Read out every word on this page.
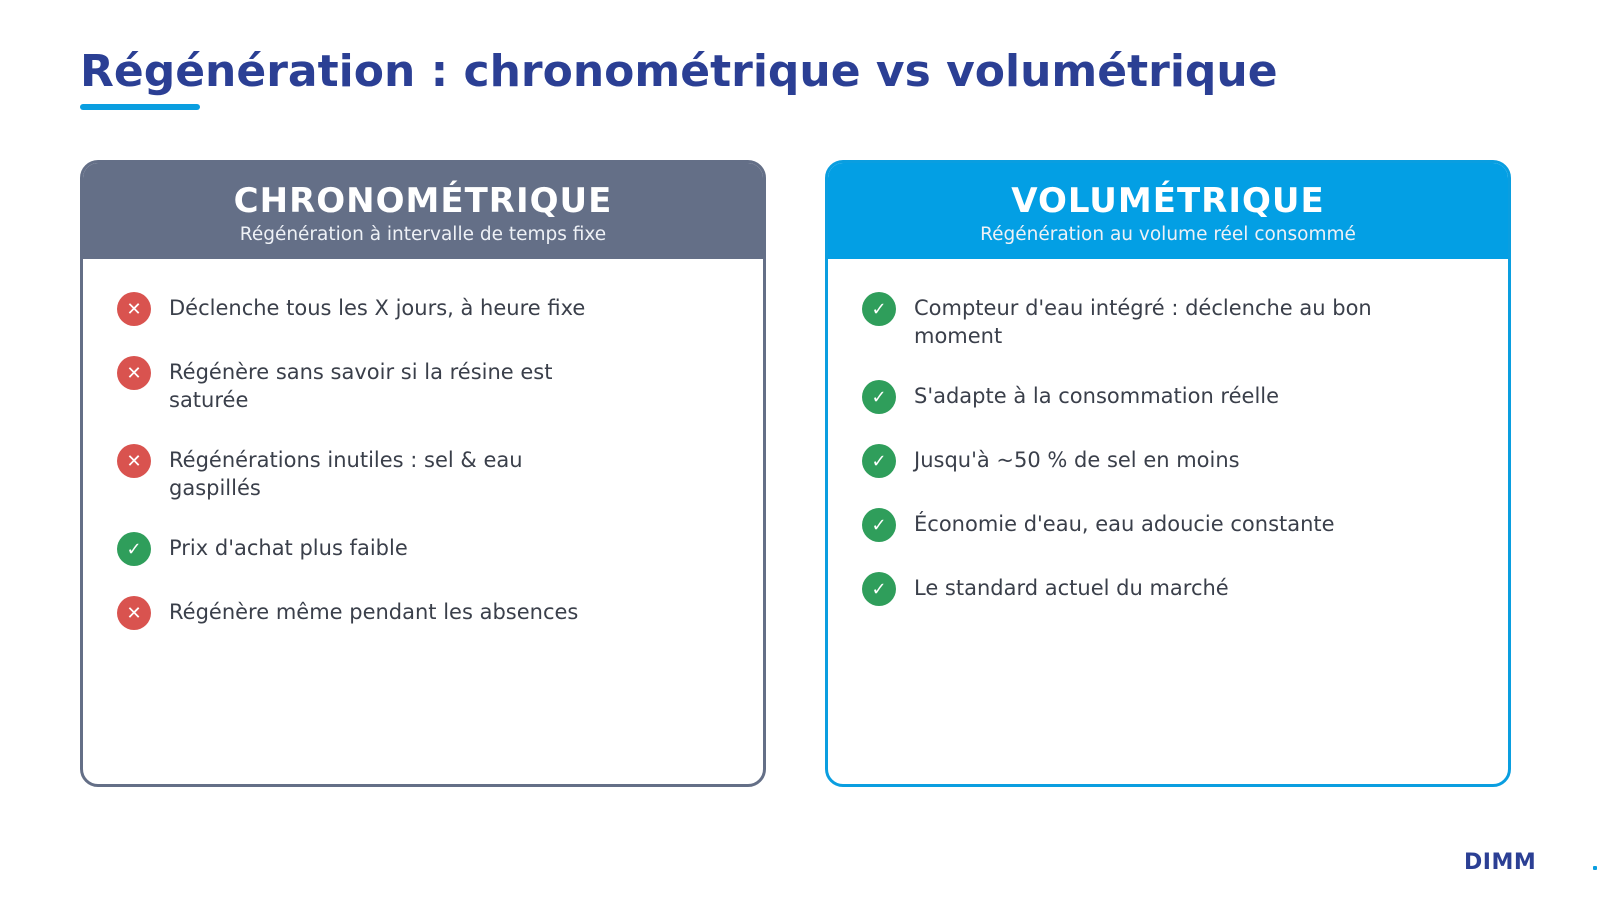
Régénération : chronométrique vs volumétrique
CHRONOMÉTRIQUE
Régénération à intervalle de temps fixe
✕	Déclenche tous les X jours, à heure fixe
✕	Régénère sans savoir si la résine est saturée
✕	Régénérations inutiles : sel & eau gaspillés
✓	Prix d'achat plus faible
✕	Régénère même pendant les absences
VOLUMÉTRIQUE
Régénération au volume réel consommé
✓	Compteur d'eau intégré : déclenche au bon moment
✓	S'adapte à la consommation réelle
✓	Jusqu'à ~50 % de sel en moins
✓	Économie d'eau, eau adoucie constante
✓	Le standard actuel du marché
DIMM
